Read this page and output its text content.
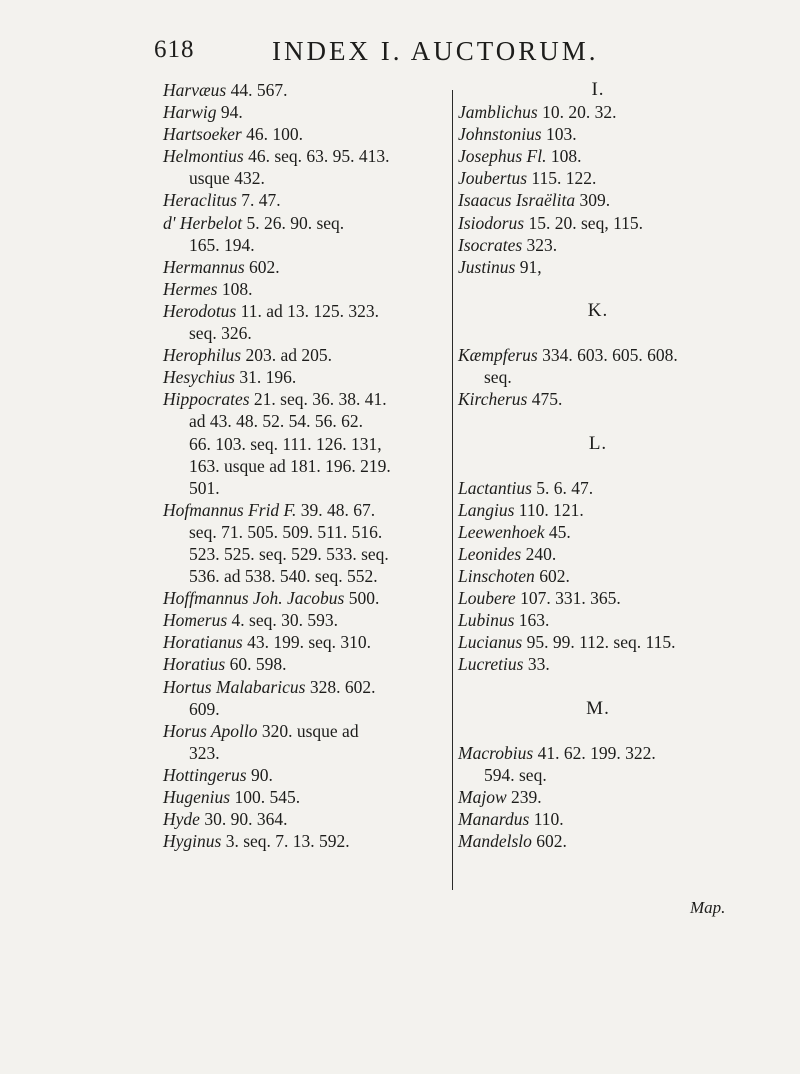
618	INDEX I. AUCTORUM.
Harvæus 44. 567.
Harwig 94.
Hartsoeker 46. 100.
Helmontius 46. seq. 63. 95. 413.
usque 432.
Heraclitus 7. 47.
d' Herbelot 5. 26. 90. seq.
165. 194.
Hermannus 602.
Hermes 108.
Herodotus 11. ad 13. 125. 323.
seq. 326.
Herophilus 203. ad 205.
Hesychius 31. 196.
Hippocrates 21. seq. 36. 38. 41.
ad 43. 48. 52. 54. 56. 62.
66. 103. seq. 111. 126. 131,
163. usque ad 181. 196. 219.
501.
Hofmannus Frid F. 39. 48. 67.
seq. 71. 505. 509. 511. 516.
523. 525. seq. 529. 533. seq.
536. ad 538. 540. seq. 552.
Hoffmannus Joh. Jacobus 500.
Homerus 4. seq. 30. 593.
Horatianus 43. 199. seq. 310.
Horatius 60. 598.
Hortus Malabaricus 328. 602.
609.
Horus Apollo 320. usque ad
323.
Hottingerus 90.
Hugenius 100. 545.
Hyde 30. 90. 364.
Hyginus 3. seq. 7. 13. 592.
I.
Jamblichus 10. 20. 32.
Johnstonius 103.
Josephus Fl. 108.
Joubertus 115. 122.
Isaacus Israëlita 309.
Isiodorus 15. 20. seq, 115.
Isocrates 323.
Justinus 91,
K.
Kæmpferus 334. 603. 605. 608.
seq.
Kircherus 475.
L.
Lactantius 5. 6. 47.
Langius 110. 121.
Leewenhoek 45.
Leonides 240.
Linschoten 602.
Loubere 107. 331. 365.
Lubinus 163.
Lucianus 95. 99. 112. seq. 115.
Lucretius 33.
M.
Macrobius 41. 62. 199. 322.
594. seq.
Majow 239.
Manardus 110.
Mandelslo 602.
Map.
